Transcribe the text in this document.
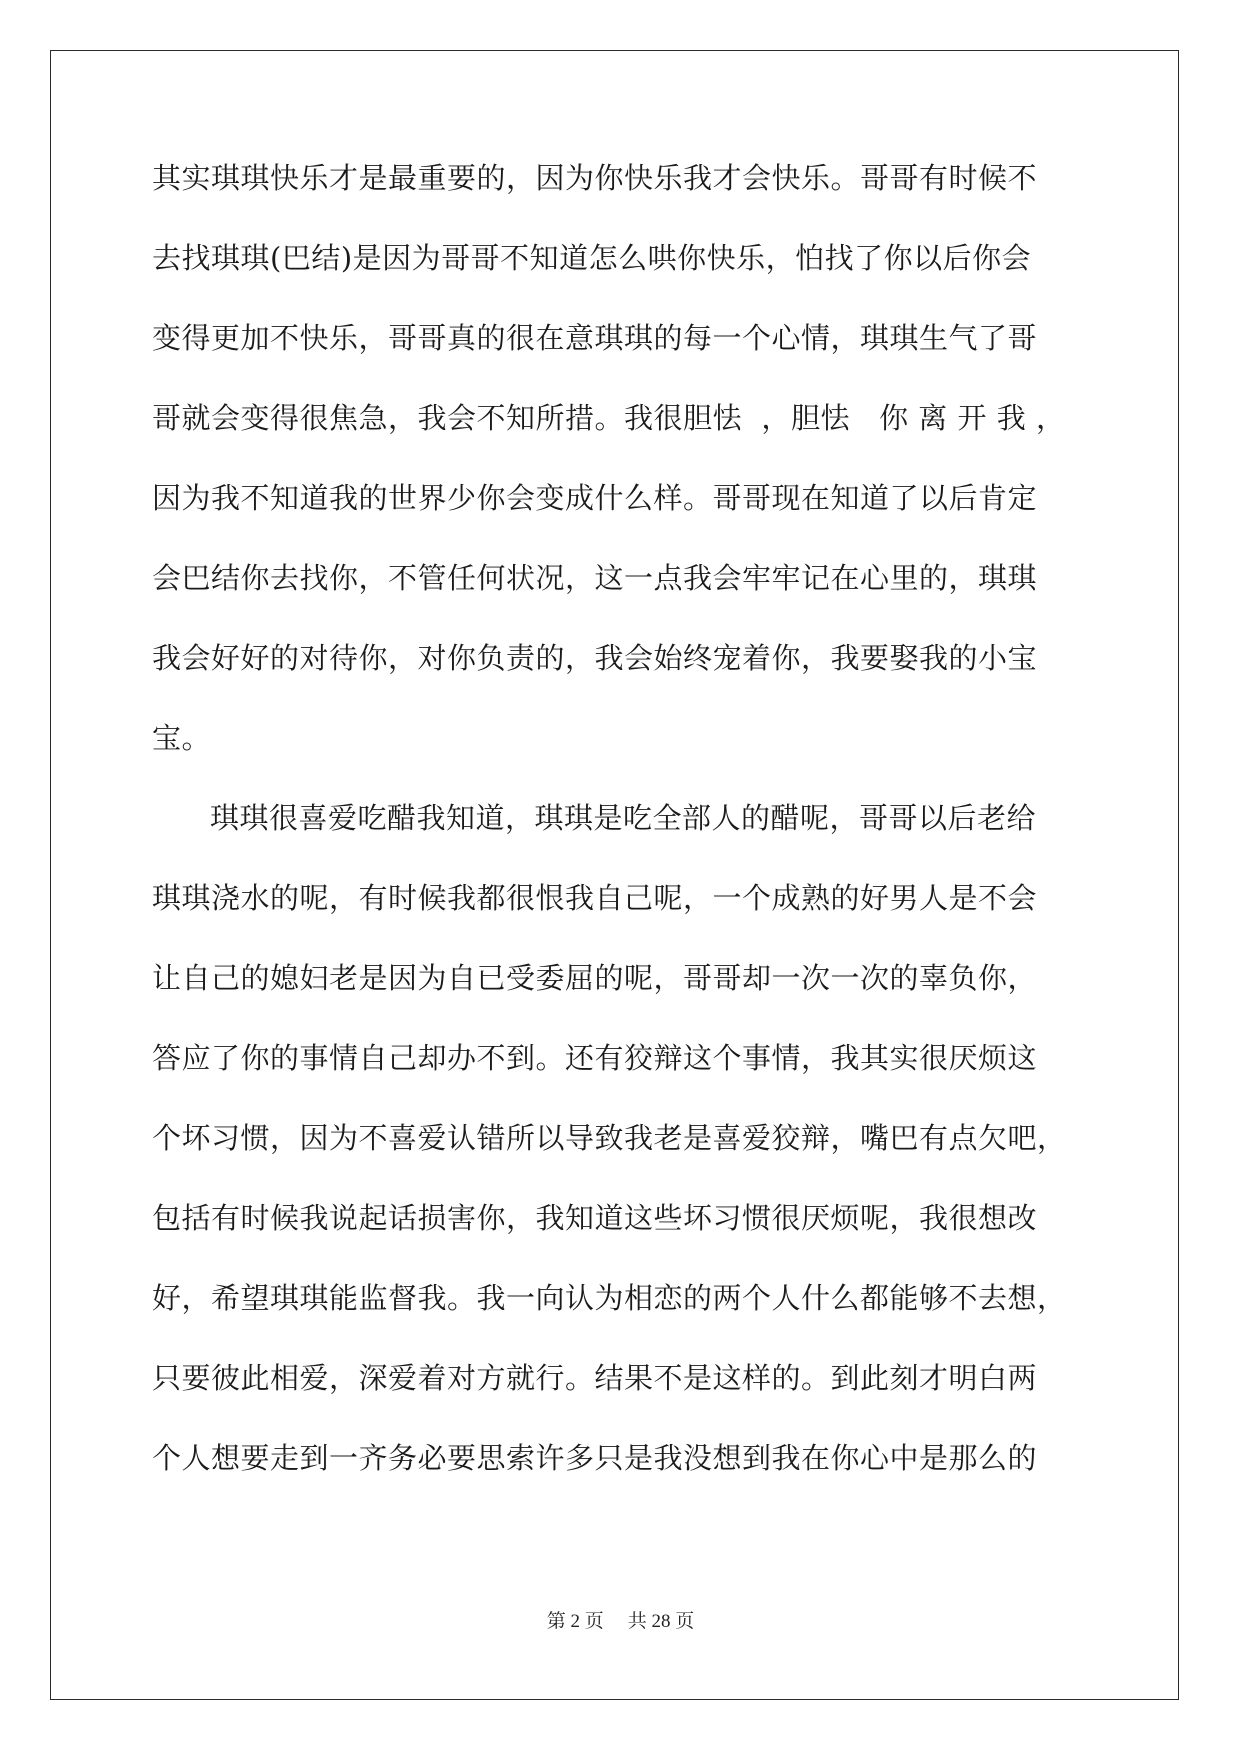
其实琪琪快乐才是最重要的，因为你快乐我才会快乐。哥哥有时候不
去找琪琪(巴结)是因为哥哥不知道怎么哄你快乐，怕找了你以后你会
变得更加不快乐，哥哥真的很在意琪琪的每一个心情，琪琪生气了哥
哥就会变得很焦急，我会不知所措。我很胆怯  ，胆怯   你 离 开 我 ，
因为我不知道我的世界少你会变成什么样。哥哥现在知道了以后肯定
会巴结你去找你，不管任何状况，这一点我会牢牢记在心里的，琪琪
我会好好的对待你，对你负责的，我会始终宠着你，我要娶我的小宝
宝。
琪琪很喜爱吃醋我知道，琪琪是吃全部人的醋呢，哥哥以后老给
琪琪浇水的呢，有时候我都很恨我自己呢，一个成熟的好男人是不会
让自己的媳妇老是因为自已受委屈的呢，哥哥却一次一次的辜负你，
答应了你的事情自己却办不到。还有狡辩这个事情，我其实很厌烦这
个坏习惯，因为不喜爱认错所以导致我老是喜爱狡辩，嘴巴有点欠吧，
包括有时候我说起话损害你，我知道这些坏习惯很厌烦呢，我很想改
好，希望琪琪能监督我。我一向认为相恋的两个人什么都能够不去想，
只要彼此相爱，深爱着对方就行。结果不是这样的。到此刻才明白两
个人想要走到一齐务必要思索许多只是我没想到我在你心中是那么的
第 2 页 共 28 页
